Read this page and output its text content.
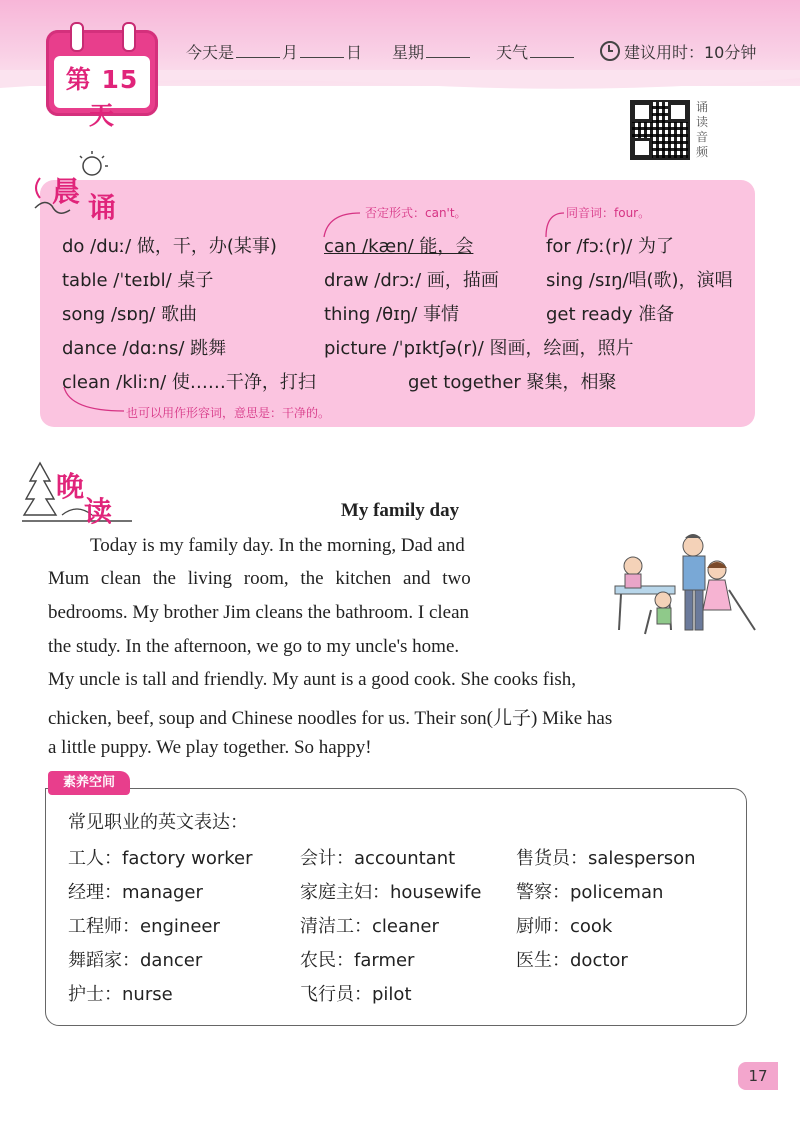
第 15 天
今天是	月	日 星期	天气	建议用时：10分钟
诵读音频
晨 诵	否定形式：can't。	同音词：four。
也可以用作形容词，意思是：干净的。
do /duː/ 做，干，办(某事)	can /kæn/ 能，会	for /fɔː(r)/ 为了
table /ˈteɪbl/ 桌子	draw /drɔː/ 画，描画	sing /sɪŋ/唱(歌)，演唱
song /sɒŋ/ 歌曲	thing /θɪŋ/ 事情	get ready 准备
dance /dɑːns/ 跳舞	picture /ˈpɪktʃə(r)/ 图画，绘画，照片
clean /kliːn/ 使……干净，打扫	get together 聚集，相聚
晚
读	My family day
Today is my family day. In the morning, Dad and
Mum clean the living room, the kitchen and two
bedrooms. My brother Jim cleans the bathroom. I clean
the study. In the afternoon, we go to my uncle's home.
My uncle is tall and friendly. My aunt is a good cook. She cooks fish,
chicken, beef, soup and Chinese noodles for us. Their son(儿子) Mike has
a little puppy. We play together. So happy!
素养空间
常见职业的英文表达：
工人：factory worker	会计：accountant	售货员：salesperson
经理：manager	家庭主妇：housewife 警察：policeman
工程师：engineer	清洁工：cleaner	厨师：cook
舞蹈家：dancer	农民：farmer	医生：doctor
护士：nurse	飞行员：pilot
17
